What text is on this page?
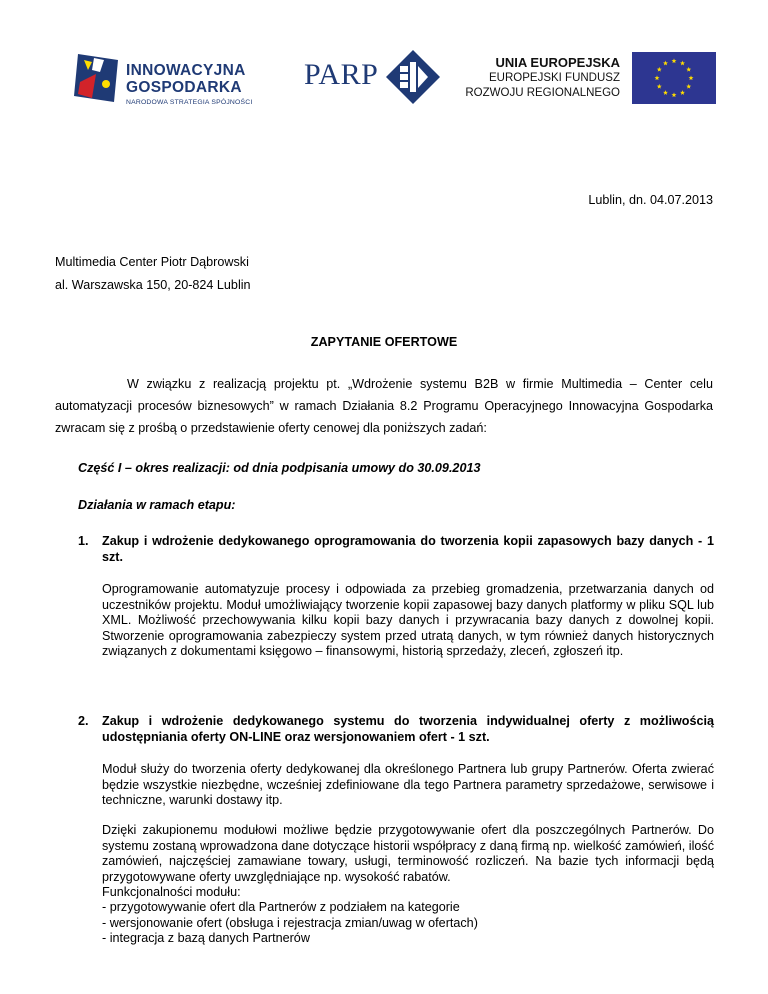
INNOWACYJNA
GOSPODARKA
NARODOWA STRATEGIA SPÓJNOŚCI
PARP	UNIA EUROPEJSKA
EUROPEJSKI FUNDUSZ
ROZWOJU REGIONALNEGO
Lublin, dn. 04.07.2013
Multimedia Center Piotr Dąbrowski
al. Warszawska 150, 20-824 Lublin
ZAPYTANIE OFERTOWE
W związku z realizacją projektu pt. „Wdrożenie systemu B2B w firmie Multimedia – Center celu automatyzacji procesów biznesowych” w ramach Działania 8.2 Programu Operacyjnego Innowacyjna Gospodarka zwracam się z prośbą o przedstawienie oferty cenowej dla poniższych zadań:
Część I – okres realizacji: od dnia podpisania umowy do 30.09.2013
Działania w ramach etapu:
1. Zakup i wdrożenie dedykowanego oprogramowania do tworzenia kopii zapasowych bazy danych - 1 szt.
Oprogramowanie automatyzuje procesy i odpowiada za przebieg gromadzenia, przetwarzania danych od uczestników projektu. Moduł umożliwiający tworzenie kopii zapasowej bazy danych platformy w pliku SQL lub XML. Możliwość przechowywania kilku kopii bazy danych i przywracania bazy danych z dowolnej kopii. Stworzenie oprogramowania zabezpieczy system przed utratą danych, w tym również danych historycznych związanych z dokumentami księgowo – finansowymi, historią sprzedaży, zleceń, zgłoszeń itp.
2. Zakup i wdrożenie dedykowanego systemu do tworzenia indywidualnej oferty z możliwością udostępniania oferty ON-LINE oraz wersjonowaniem ofert - 1 szt.
Moduł służy do tworzenia oferty dedykowanej dla określonego Partnera lub grupy Partnerów. Oferta zwierać będzie wszystkie niezbędne, wcześniej zdefiniowane dla tego Partnera parametry sprzedażowe, serwisowe i techniczne, warunki dostawy itp.
Dzięki zakupionemu modułowi możliwe będzie przygotowywanie ofert dla poszczególnych Partnerów. Do systemu zostaną wprowadzona dane dotyczące historii współpracy z daną firmą np. wielkość zamówień, ilość zamówień, najczęściej zamawiane towary, usługi, terminowość rozliczeń. Na bazie tych informacji będą przygotowywane oferty uwzględniające np. wysokość rabatów.
Funkcjonalności modułu:
- przygotowywanie ofert dla Partnerów z podziałem na kategorie
- wersjonowanie ofert (obsługa i rejestracja zmian/uwag w ofertach)
- integracja z bazą danych Partnerów
